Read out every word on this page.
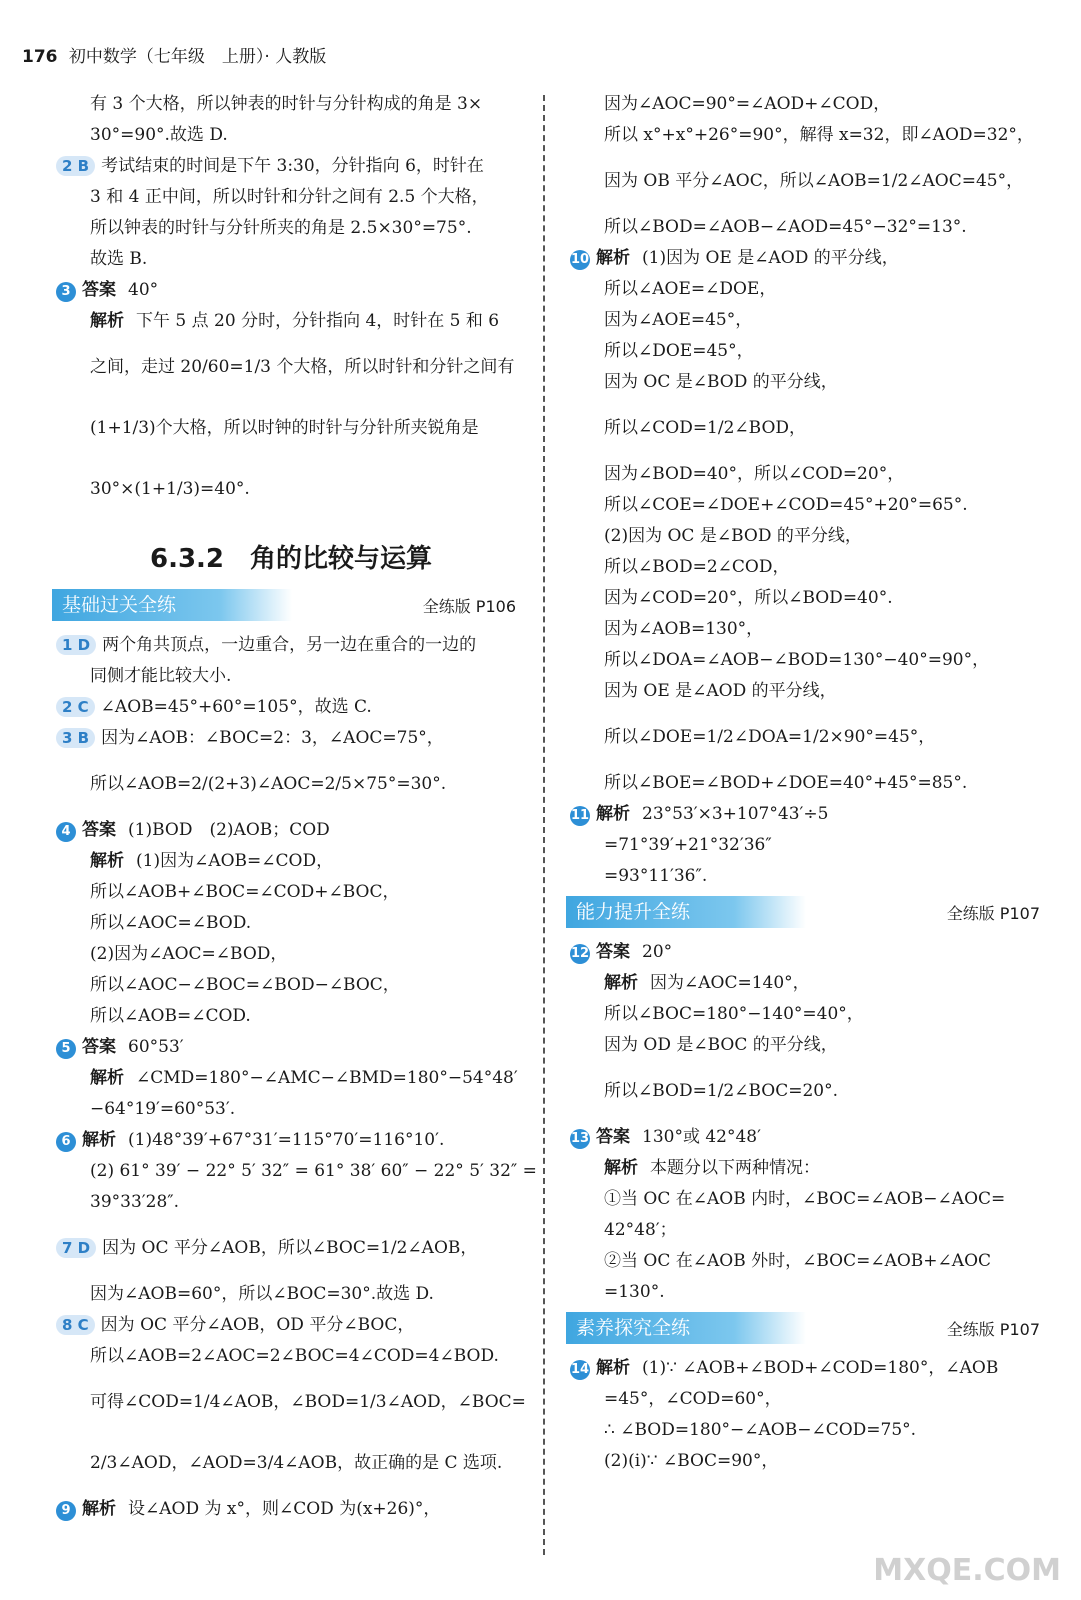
176 初中数学（七年级　上册）· 人教版
有 3 个大格，所以钟表的时针与分针构成的角是 3×
30°=90°.故选 D.
2 B 考试结束的时间是下午 3:30，分针指向 6，时针在
3 和 4 正中间，所以时针和分针之间有 2.5 个大格，
所以钟表的时针与分针所夹的角是 2.5×30°=75°.
故选 B.
3 答案 40°
解析 下午 5 点 20 分时，分针指向 4，时针在 5 和 6
之间，走过 20/60=1/3 个大格，所以时针和分针之间有
(1+1/3)个大格，所以时钟的时针与分针所夹锐角是
30°×(1+1/3)=40°.
6.3.2　角的比较与运算
基础过关全练	全练版 P106
1 D 两个角共顶点，一边重合，另一边在重合的一边的
同侧才能比较大小.
2 C ∠AOB=45°+60°=105°，故选 C.
3 B 因为∠AOB：∠BOC=2：3，∠AOC=75°，
所以∠AOB=2/(2+3)∠AOC=2/5×75°=30°.
4 答案 (1)BOD　(2)AOB；COD
解析 (1)因为∠AOB=∠COD，
所以∠AOB+∠BOC=∠COD+∠BOC，
所以∠AOC=∠BOD.
(2)因为∠AOC=∠BOD，
所以∠AOC−∠BOC=∠BOD−∠BOC，
所以∠AOB=∠COD.
5 答案 60°53′
解析 ∠CMD=180°−∠AMC−∠BMD=180°−54°48′
−64°19′=60°53′.
6 解析 (1)48°39′+67°31′=115°70′=116°10′.
(2) 61° 39′ − 22° 5′ 32″ = 61° 38′ 60″ − 22° 5′ 32″ =
39°33′28″.
7 D 因为 OC 平分∠AOB，所以∠BOC=1/2∠AOB，
因为∠AOB=60°，所以∠BOC=30°.故选 D.
8 C 因为 OC 平分∠AOB，OD 平分∠BOC，
所以∠AOB=2∠AOC=2∠BOC=4∠COD=4∠BOD.
可得∠COD=1/4∠AOB，∠BOD=1/3∠AOD，∠BOC=
2/3∠AOD，∠AOD=3/4∠AOB，故正确的是 C 选项.
9 解析 设∠AOD 为 x°，则∠COD 为(x+26)°，
因为∠AOC=90°=∠AOD+∠COD，
所以 x°+x°+26°=90°，解得 x=32，即∠AOD=32°，
因为 OB 平分∠AOC，所以∠AOB=1/2∠AOC=45°，
所以∠BOD=∠AOB−∠AOD=45°−32°=13°.
10 解析 (1)因为 OE 是∠AOD 的平分线，
所以∠AOE=∠DOE，
因为∠AOE=45°，
所以∠DOE=45°，
因为 OC 是∠BOD 的平分线，
所以∠COD=1/2∠BOD，
因为∠BOD=40°，所以∠COD=20°，
所以∠COE=∠DOE+∠COD=45°+20°=65°.
(2)因为 OC 是∠BOD 的平分线，
所以∠BOD=2∠COD，
因为∠COD=20°，所以∠BOD=40°.
因为∠AOB=130°，
所以∠DOA=∠AOB−∠BOD=130°−40°=90°，
因为 OE 是∠AOD 的平分线，
所以∠DOE=1/2∠DOA=1/2×90°=45°，
所以∠BOE=∠BOD+∠DOE=40°+45°=85°.
11 解析 23°53′×3+107°43′÷5
=71°39′+21°32′36″
=93°11′36″.
能力提升全练	全练版 P107
12 答案 20°
解析 因为∠AOC=140°，
所以∠BOC=180°−140°=40°，
因为 OD 是∠BOC 的平分线，
所以∠BOD=1/2∠BOC=20°.
13 答案 130°或 42°48′
解析 本题分以下两种情况：
①当 OC 在∠AOB 内时，∠BOC=∠AOB−∠AOC=
42°48′；
②当 OC 在∠AOB 外时，∠BOC=∠AOB+∠AOC
=130°.
素养探究全练	全练版 P107
14 解析 (1)∵ ∠AOB+∠BOD+∠COD=180°，∠AOB
=45°，∠COD=60°，
∴ ∠BOD=180°−∠AOB−∠COD=75°.
(2)(i)∵ ∠BOC=90°，
MXQE.COM
